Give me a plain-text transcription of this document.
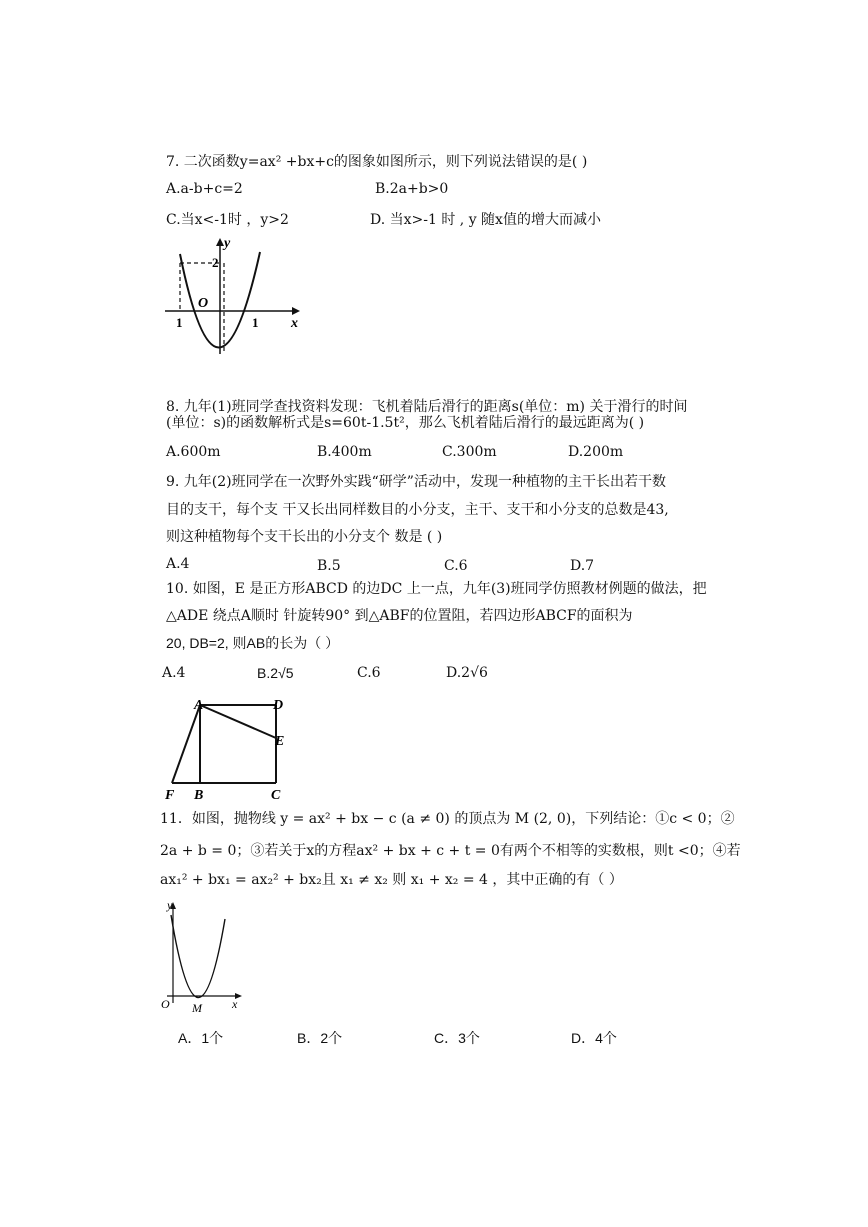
7. 二次函数y=ax² +bx+c的图象如图所示，则下列说法错误的是( )
A.a-b+c=2	B.2a+b>0
C.当x<-1时 ，y>2	D. 当x>-1 时 , y 随x值的增大而减小
y
x
O
2
1	1
8. 九年(1)班同学查找资料发现：飞机着陆后滑行的距离s(单位：m) 关于滑行的时间
(单位：s)的函数解析式是s=60t-1.5t²，那么飞机着陆后滑行的最远距离为( )
A.600m	B.400m	C.300m	D.200m
9. 九年(2)班同学在一次野外实践“研学”活动中，发现一种植物的主干长出若干数
目的支干，每个支 干又长出同样数目的小分支，主干、支干和小分支的总数是43,
则这种植物每个支干长出的小分支个 数是 ( )
A.4	B.5	C.6	D.7
10. 如图，E 是正方形ABCD 的边DC 上一点，九年(3)班同学仿照教材例题的做法，把
△ADE 绕点A顺时 针旋转90° 到△ABF的位置阻，若四边形ABCF的面积为
20, DB=2, 则AB的长为（ ）
A.4	B.2√5	C.6	D.2√6
A	D
E
F B	C
11．如图，抛物线 y = ax² + bx − c (a ≠ 0) 的顶点为 M (2, 0)，下列结论：①c < 0；②
2a + b = 0；③若关于x的方程ax² + bx + c + t = 0有两个不相等的实数根，则t <0；④若
ax₁² + bx₁ = ax₂² + bx₂且 x₁ ≠ x₂ 则 x₁ + x₂ = 4 ，其中正确的有（ ）
y
x
O M
A．1个	B．2个	C．3个	D．4个
